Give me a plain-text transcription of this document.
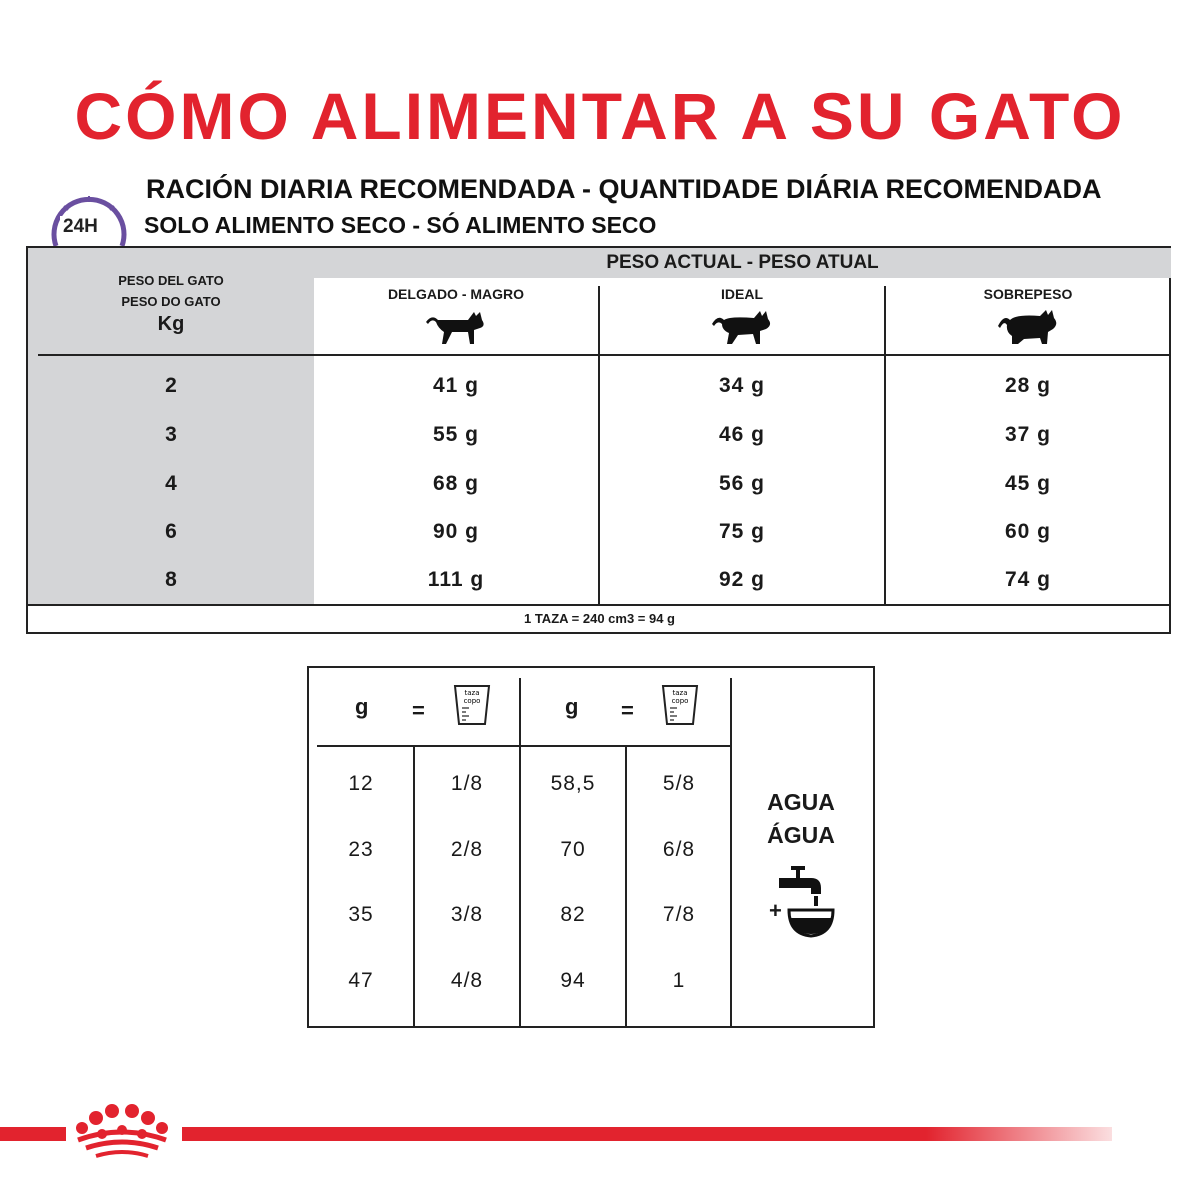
CÓMO ALIMENTAR A SU GATO
24H
RACIÓN DIARIA RECOMENDADA - QUANTIDADE DIÁRIA RECOMENDADA
SOLO ALIMENTO SECO - SÓ ALIMENTO SECO
PESO ACTUAL - PESO ATUAL
PESO DEL GATO
PESO DO GATO
Kg
DELGADO - MAGRO	IDEAL	SOBREPESO
2	41 g	34 g	28 g
3	55 g	46 g	37 g
4	68 g	56 g	45 g
6	90 g	75 g	60 g
8	111 g	92 g	74 g
1 TAZA = 240 cm3 = 94 g
g =
taza
copo	g =
taza
copo
12	1/8	58,5	5/8
23	2/8	70	6/8
35	3/8	82	7/8
47	4/8	94	1
AGUA
ÁGUA
+
